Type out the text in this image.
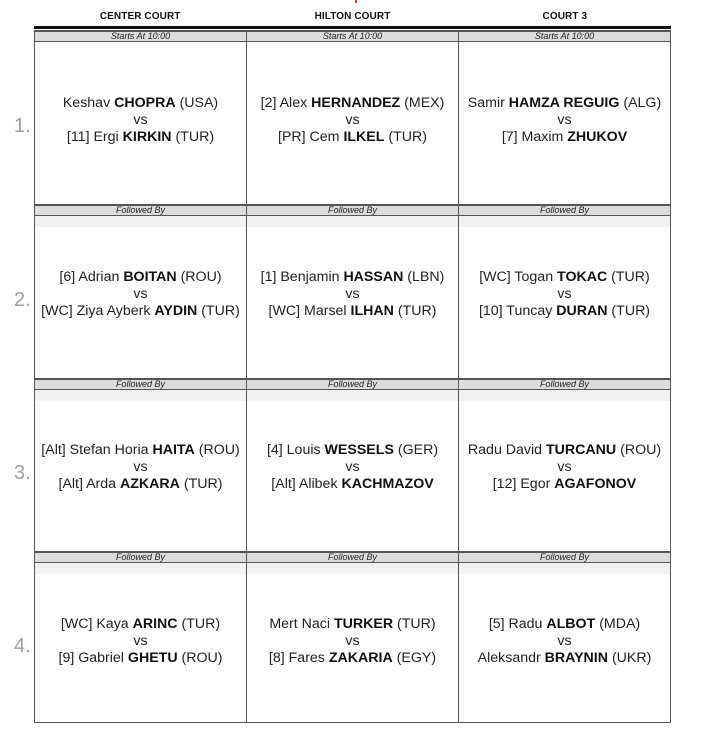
CENTER COURT	HILTON COURT	COURT 3
1.
Starts At 10:00	Starts At 10:00	Starts At 10:00
Keshav CHOPRA (USA)
vs
[11] Ergi KIRKIN (TUR)
[2] Alex HERNANDEZ (MEX)
vs
[PR] Cem ILKEL (TUR)
Samir HAMZA REGUIG (ALG)
vs
[7] Maxim ZHUKOV
2.
Followed By	Followed By	Followed By
[6] Adrian BOITAN (ROU)
vs
[WC] Ziya Ayberk AYDIN (TUR)
[1] Benjamin HASSAN (LBN)
vs
[WC] Marsel ILHAN (TUR)
[WC] Togan TOKAC (TUR)
vs
[10] Tuncay DURAN (TUR)
3.
Followed By	Followed By	Followed By
[Alt] Stefan Horia HAITA (ROU)
vs
[Alt] Arda AZKARA (TUR)
[4] Louis WESSELS (GER)
vs
[Alt] Alibek KACHMAZOV
Radu David TURCANU (ROU)
vs
[12] Egor AGAFONOV
4.
Followed By	Followed By	Followed By
[WC] Kaya ARINC (TUR)
vs
[9] Gabriel GHETU (ROU)
Mert Naci TURKER (TUR)
vs
[8] Fares ZAKARIA (EGY)
[5] Radu ALBOT (MDA)
vs
Aleksandr BRAYNIN (UKR)
